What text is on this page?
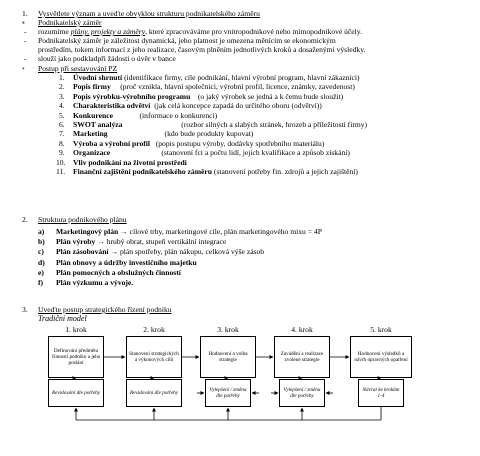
1. Vysvětlete význam a uveďte obvyklou strukturu podnikatelského záměru
▪ Podnikatelský záměr
- rozumíme plány, projekty a záměry, které zpracováváme pro vnitropodnikové nebo mimopodnikové účely.
- Podnikatelský záměr je záležitost dynamická, jeho platnost je omezena měnícím se ekonomickým
prostředím, tokem informací z jeho realizace, časovým plněním jednotlivých kroků a dosaženými výsledky.
- slouží jako podkladpři žádosti o úvěr v bance
• Postup při sestavování PZ
1. Úvodní shrnutí (identifikace firmy, cíle podnikání, hlavní výrobní program, hlavní zákazníci)
2. Popis firmy     (proč vznikla, hlavní společníci, výrobní profil, licence, známky, zavedenost)
3. Popis výrobku-výrobního programu    (o jaký výrobek se jedná a k čemu bude sloužit)
4. Charakteristika odvětví  (jak celá koncepce zapadá do určitého oboru (odvětví))
5. Konkurence              (informace o konkurenci)
6. SWOT analýza                               (rozbor silných a slabých stránek, hrozeb a příležitostí firmy)
7. Marketing                              (kdo bude produkty kupovat)
8. Výroba a výrobní profil   (popis postupu výroby, dodávky spotřebního materiálu)
9. Organizace                           (stanovení fci a počtu lidí, jejich kvalifikace a způsob získání)
10. Vliv podnikání na životní prostředí
11. Finanční zajištění podnikatelského záměru (stanovení potřeby fin. zdrojů a jejich zajištění)
2. Struktura podnikového plánu
a) Marketingový plán → cílové trhy, marketingové cíle, plán marketingového mixu = 4P
b) Plán výroby → hrubý obrat, stupeň vertikální integrace
c) Plán zásobování → plán spotřeby, plán nákupu, celková výše zásob
d) Plán obnovy a údržby investičního majetku
e) Plán pomocných a obslužných činností
f) Plán výzkumu a vývoje.
3. Uveďte postup strategického řízení podniku
Tradiční model
1. krok
Definování předmětu činnosti podniku a jeho poslání
Revidování dle potřeby
2. krok
Stanovení strategických a výkonových cílů
Revidování dle potřeby
3. krok
Hodnocení a volba strategie
Vylepšení / změna dle potřeby
4. krok
Zavádění a realizace zvolené strategie
Vylepšení / změna dle potřeby
5. krok
Hodnocení výsledků a návrh opravných opatření
Návrat ke krokům 1-4
